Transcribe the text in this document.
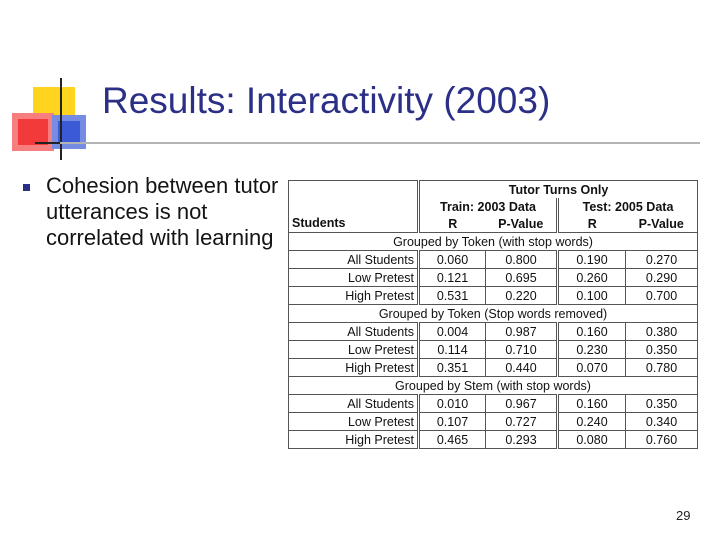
Results: Interactivity (2003)

Cohesion between tutor utterances is not correlated with learning

Students	Tutor Turns Only			
	Train: 2003 Data		Test: 2005 Data	
	R	P-Value	R	P-Value
Grouped by Token (with stop words)				
All Students	0.060	0.800	0.190	0.270
Low Pretest	0.121	0.695	0.260	0.290
High Pretest	0.531	0.220	0.100	0.700
Grouped by Token (Stop words removed)				
All Students	0.004	0.987	0.160	0.380
Low Pretest	0.114	0.710	0.230	0.350
High Pretest	0.351	0.440	0.070	0.780
Grouped by Stem (with stop words)				
All Students	0.010	0.967	0.160	0.350
Low Pretest	0.107	0.727	0.240	0.340
High Pretest	0.465	0.293	0.080	0.760
29
